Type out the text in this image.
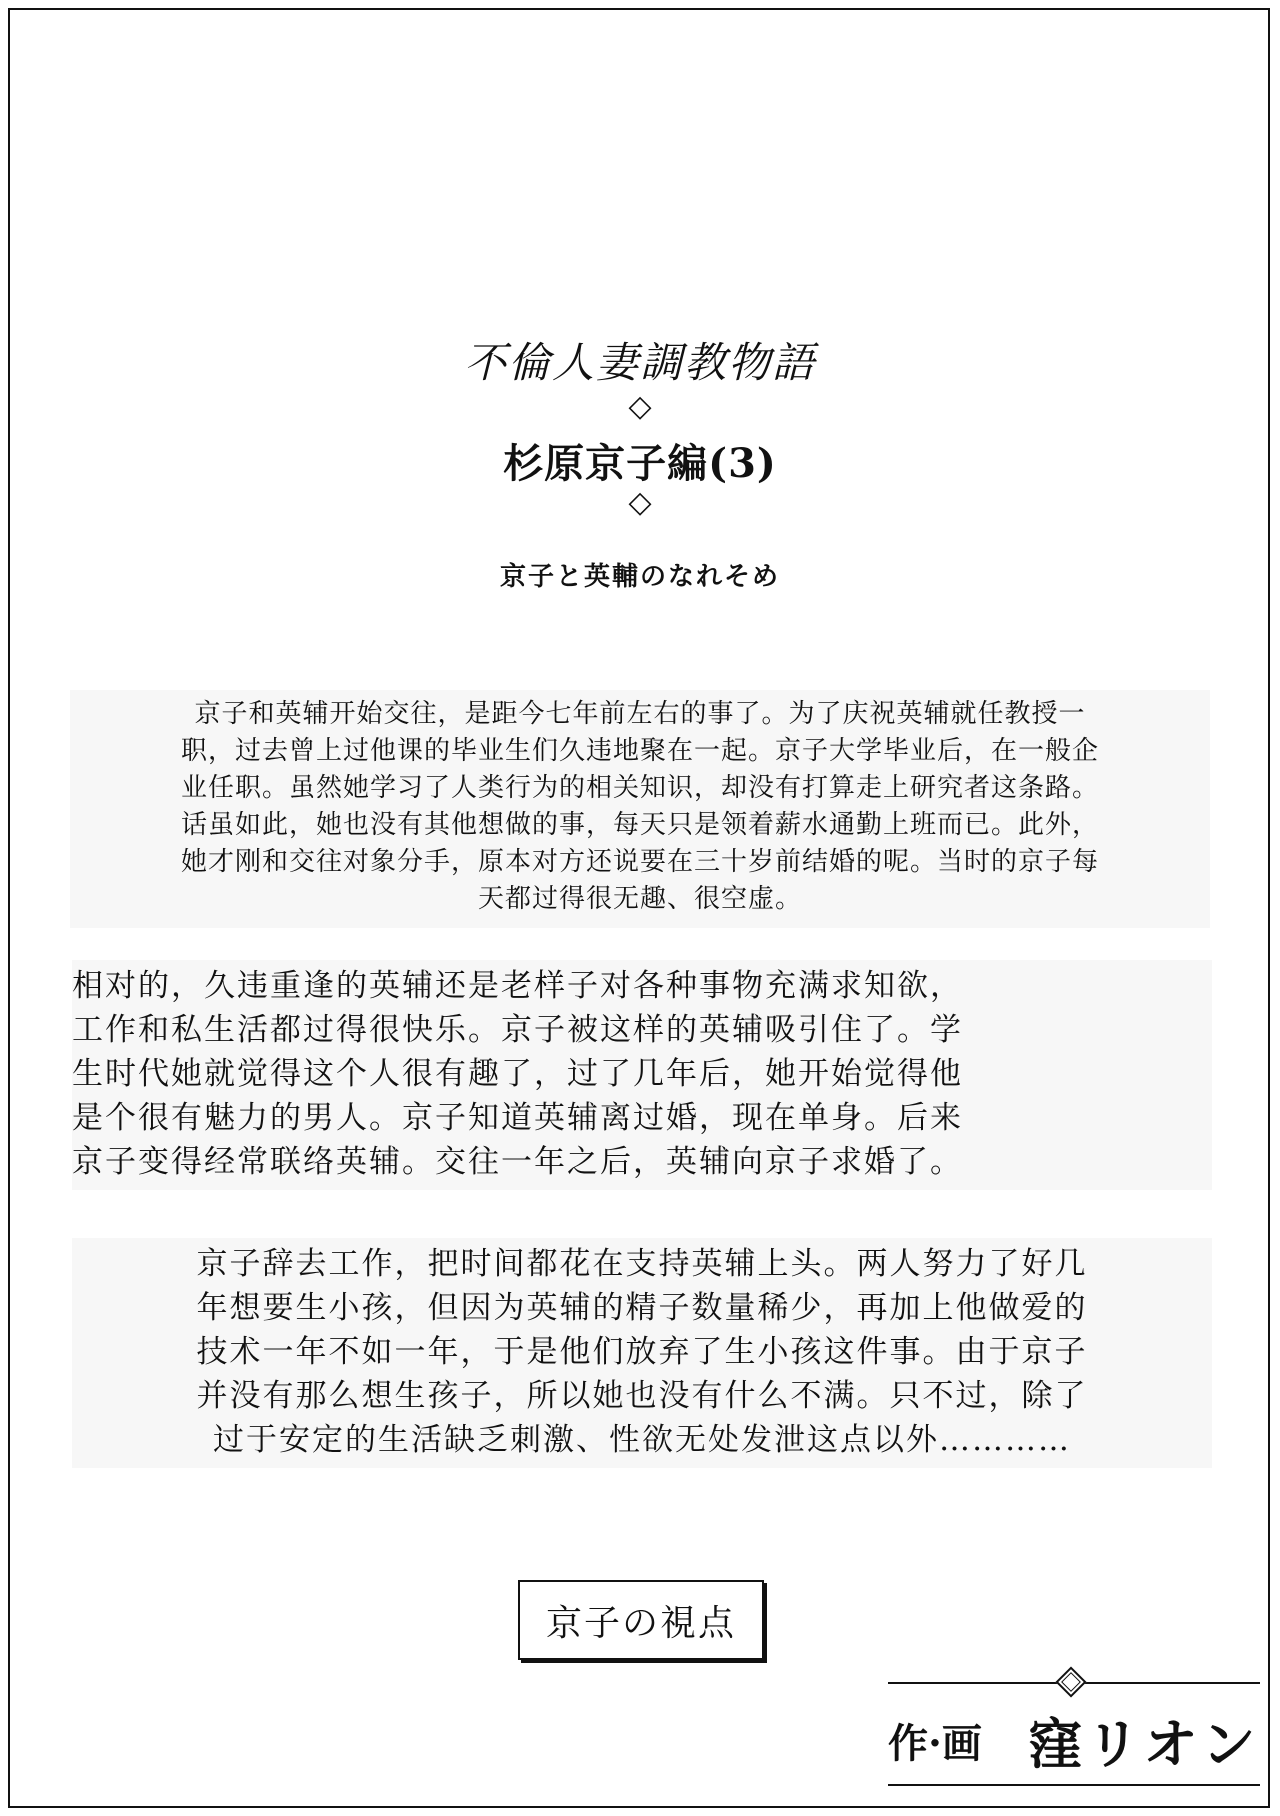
不倫人妻調教物語
◇
杉原京子編(3)
◇
京子と英輔のなれそめ
京子和英辅开始交往，是距今七年前左右的事了。为了庆祝英辅就任教授一
职，过去曾上过他课的毕业生们久违地聚在一起。京子大学毕业后，在一般企
业任职。虽然她学习了人类行为的相关知识，却没有打算走上研究者这条路。
话虽如此，她也没有其他想做的事，每天只是领着薪水通勤上班而已。此外，
她才刚和交往对象分手，原本对方还说要在三十岁前结婚的呢。当时的京子每
天都过得很无趣、很空虚。
相对的，久违重逢的英辅还是老样子对各种事物充满求知欲，
工作和私生活都过得很快乐。京子被这样的英辅吸引住了。学
生时代她就觉得这个人很有趣了，过了几年后，她开始觉得他
是个很有魅力的男人。京子知道英辅离过婚，现在单身。后来
京子变得经常联络英辅。交往一年之后，英辅向京子求婚了。
京子辞去工作，把时间都花在支持英辅上头。两人努力了好几
年想要生小孩，但因为英辅的精子数量稀少，再加上他做爱的
技术一年不如一年，于是他们放弃了生小孩这件事。由于京子
并没有那么想生孩子，所以她也没有什么不满。只不过，除了
过于安定的生活缺乏刺激、性欲无处发泄这点以外…………
京子の視点
作·画 窪リオン
